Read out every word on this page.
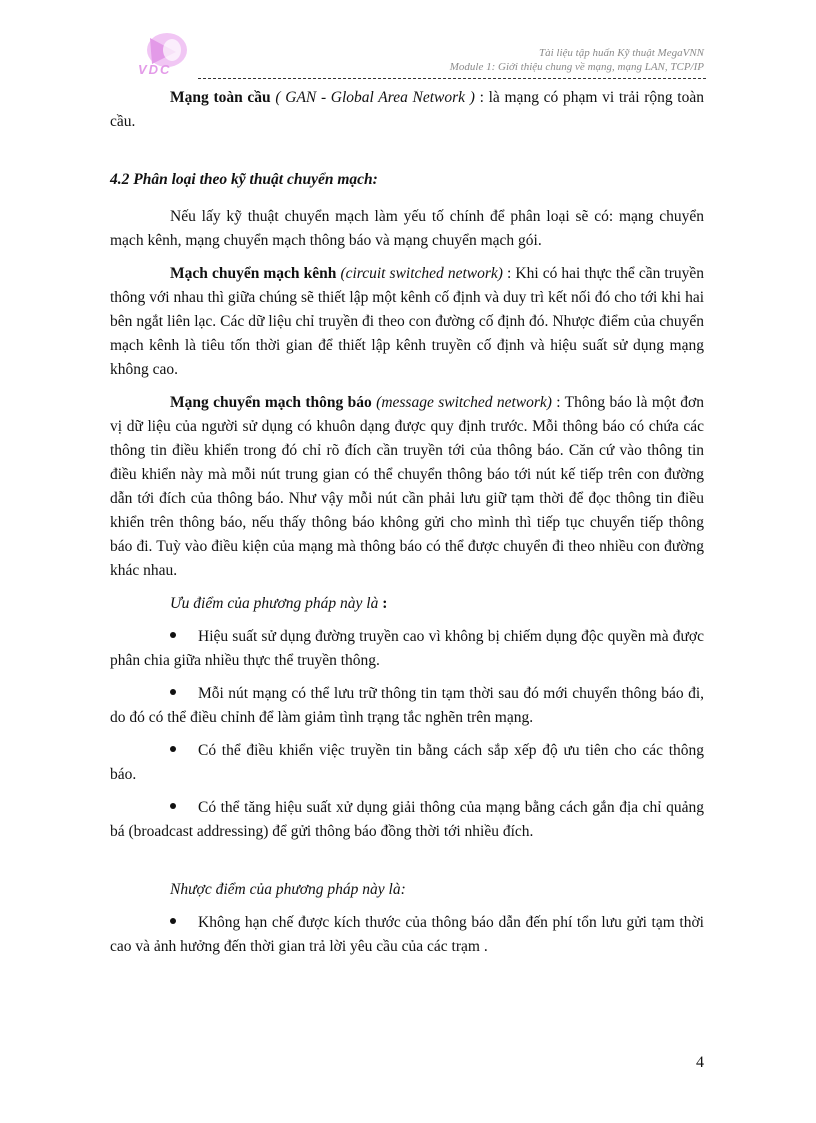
VDC
Tài liệu tập huấn Kỹ thuật MegaVNN
Module 1: Giới thiệu chung về mạng, mạng LAN, TCP/IP

Mạng toàn cầu ( GAN - Global Area Network ) : là mạng có phạm vi trải rộng toàn cầu.

4.2 Phân loại theo kỹ thuật chuyển mạch:

Nếu lấy kỹ thuật chuyển mạch làm yếu tố chính để phân loại sẽ có: mạng chuyển mạch kênh, mạng chuyển mạch thông báo và mạng chuyển mạch gói.

Mạch chuyển mạch kênh (circuit switched network) : Khi có hai thực thể cần truyền thông với nhau thì giữa chúng sẽ thiết lập một kênh cố định và duy trì kết nối đó cho tới khi hai bên ngắt liên lạc. Các dữ liệu chỉ truyền đi theo con đường cố định đó. Nhược điểm của chuyển mạch kênh là tiêu tốn thời gian để thiết lập kênh truyền cố định và hiệu suất sử dụng mạng không cao.

Mạng chuyển mạch thông báo (message switched network) : Thông báo là một đơn vị dữ liệu của người sử dụng có khuôn dạng được quy định trước. Mỗi thông báo có chứa các thông tin điều khiển trong đó chỉ rõ đích cần truyền tới của thông báo. Căn cứ vào thông tin điều khiển này mà mỗi nút trung gian có thể chuyển thông báo tới nút kế tiếp trên con đường dẫn tới đích của thông báo. Như vậy mỗi nút cần phải lưu giữ tạm thời để đọc thông tin điều khiển trên thông báo, nếu thấy thông báo không gửi cho mình thì tiếp tục chuyển tiếp thông báo đi. Tuỳ vào điều kiện của mạng mà thông báo có thể được chuyển đi theo nhiều con đường khác nhau.

Ưu điểm của phương pháp này là :

Hiệu suất sử dụng đường truyền cao vì không bị chiếm dụng độc quyền mà được phân chia giữa nhiều thực thể truyền thông.

Mỗi nút mạng có thể lưu trữ thông tin tạm thời sau đó mới chuyển thông báo đi, do đó có thể điều chỉnh để làm giảm tình trạng tắc nghẽn trên mạng.

Có thể điều khiển việc truyền tin bằng cách sắp xếp độ ưu tiên cho các thông báo.

Có thể tăng hiệu suất xử dụng giải thông của mạng bằng cách gắn địa chỉ quảng bá (broadcast addressing) để gửi thông báo đồng thời tới nhiều đích.

Nhược điểm của phương pháp này là:

Không hạn chế được kích thước của thông báo dẫn đến phí tổn lưu gửi tạm thời cao và ảnh hưởng đến thời gian trả lời yêu cầu của các trạm .

4
